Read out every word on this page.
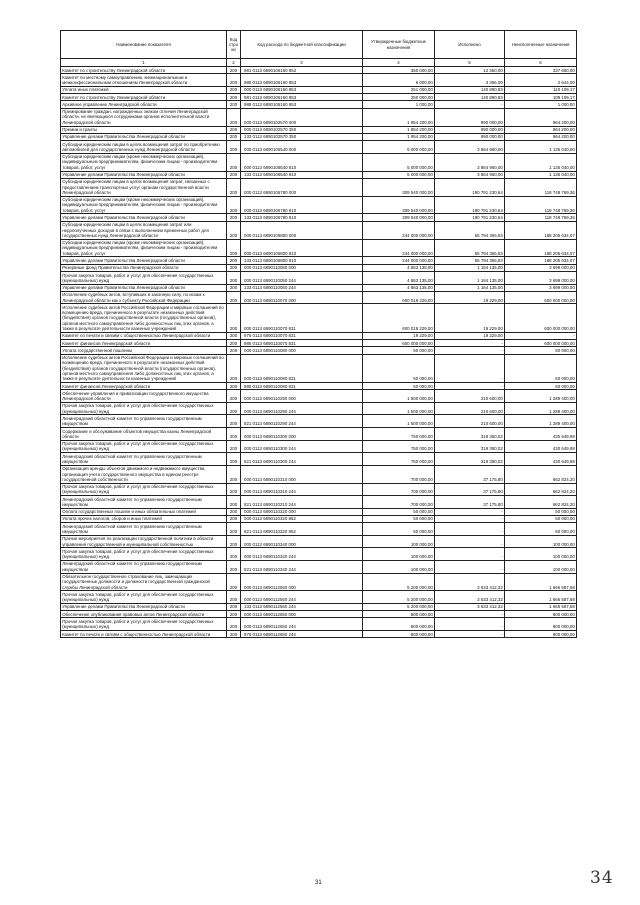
Наименование показателя	Код стро ки	Код расхода по бюджетной классификации	Утвержденные бюджетные назначения	Исполнено	Неисполненные назначения
1	2	3	4	5	6
Комитет по строительству Ленинградской области	200	981 0113 6890106160 852	350 000,00	12 350,00	337 650,00
Комитет по местному самоуправлению, межнациональным и межконфессиональным отношениям Ленинградской области	200	985 0113 6890106160 853	6 000,00	3 356,00	2 644,00
Уплата иных платежей	200	000 0113 6890106160 853	251 000,00	140 890,83	110 109,17
Комитет по строительству Ленинградской области	200	981 0113 6890106160 853	250 000,00	140 890,83	109 109,17
Архивное управление Ленинградской области	200	988 0113 6890106160 853	1 000,00	-	1 000,00
Премирование граждан, награжденных знаком отличия Ленинградской области, не являющихся сотрудниками органов исполнительной власти Ленинградской области	200	000 0113 6890102570 000	1 954 200,00	990 000,00	964 200,00
Премии и гранты	200	000 0113 6890102570 350	1 954 200,00	990 000,00	964 200,00
Управление делами Правительства Ленинградской области	200	133 0113 6890102570 350	1 954 200,00	990 000,00	964 200,00
Субсидии юридическим лицам в целях возмещения затрат по приобретению автомобилей для государственных нужд Ленинградской области	200	000 0113 6890106540 000	5 000 000,00	3 864 960,00	1 135 040,00
Субсидии юридическим лицам (кроме некоммерческих организаций), индивидуальным предпринимателям, физическим лицам - производителям товаров, работ, услуг	200	000 0113 6890106540 810	5 000 000,00	3 864 960,00	1 135 040,00
Управление делами Правительства Ленинградской области	200	133 0113 6890106540 810	5 000 000,00	3 864 960,00	1 135 040,00
Субсидии юридическим лицам в целях возмещения затрат, связанных с предоставлением транспортных услуг органам государственной власти Ленинградской области	200	000 0113 6890106780 000	309 540 000,00	190 791 230,64	118 748 769,36
Субсидии юридическим лицам (кроме некоммерческих организаций), индивидуальным предпринимателям, физическим лицам - производителям товаров, работ, услуг	200	000 0113 6890106780 810	309 540 000,00	190 791 230,64	118 748 769,36
Управление делами Правительства Ленинградской области	200	133 0113 6890106780 810	309 540 000,00	190 791 230,64	118 748 769,36
Субсидии юридическим лицам в целях возмещения затрат или недополученных доходов в связи с выполнением временных работ для государственных нужд Ленинградской области	200	000 0113 6890106800 000	244 000 000,00	55 794 365,93	188 205 634,07
Субсидии юридическим лицам (кроме некоммерческих организаций), индивидуальным предпринимателям, физическим лицам - производителям товаров, работ, услуг	200	000 0113 6890106800 810	244 000 000,00	55 794 365,93	188 205 634,07
Управление делами Правительства Ленинградской области	200	133 0113 6890106800 810	244 000 000,00	55 794 365,93	188 205 634,07
Резервные фонд Правительства Ленинградской области	200	000 0113 6890110050 000	4 863 135,00	1 164 135,00	3 699 000,00
Прочая закупка товаров, работ и услуг для обеспечения государственных (муниципальных) нужд	200	000 0113 6890110050 244	4 863 135,00	1 164 135,00	3 699 000,00
Управление делами Правительства Ленинградской области	200	133 0113 6890110050 244	4 863 135,00	1 164 135,00	3 699 000,00
Исполнение судебных актов, вступивших в законную силу, по искам к Ленинградской области как к субъекту Российской Федерации	200	000 0113 6890110070 000	600 019 229,00	19 229,00	600 000 000,00
Исполнение судебных актов Российской Федерации и мировых соглашений по возмещению вреда, причиненного в результате незаконных действий (бездействия) органов государственной власти (государственных органов), органов местного самоуправления либо должностных лиц этих органов, а также в результате деятельности казенных учреждений	200	000 0113 6890110070 831	600 019 229,00	19 229,00	600 000 000,00
Комитет по печати и связям с общественностью Ленинградской области	200	976 0113 6890110070 831	19 229,00	19 229,00	-
Комитет финансов Ленинградской области	200	985 0113 6890110070 831	600 000 000,00	-	600 000 000,00
Уплата государственной пошлины	200	000 0113 6890110080 000	50 000,00	-	50 000,00
Исполнение судебных актов Российской Федерации и мировых соглашений по возмещению вреда, причиненного в результате незаконных действий (бездействия) органов государственной власти (государственных органов), органов местного самоуправления либо должностных лиц этих органов, а также в результате деятельности казенных учреждений	200	000 0113 6890110080 831	50 000,00	-	50 000,00
Комитет финансов Ленинградской области	200	985 0113 6890110080 831	50 000,00	-	50 000,00
Обеспечение управления и приватизации государственного имущества Ленинградской области	200	000 0113 6890110290 000	1 500 000,00	210 600,00	1 289 400,00
Прочая закупка товаров, работ и услуг для обеспечения государственных (муниципальных) нужд	200	000 0113 6890110290 244	1 500 000,00	210 600,00	1 289 400,00
Ленинградский областной комитет по управлению государственным имуществом	200	821 0113 6890110290 244	1 500 000,00	210 600,00	1 289 400,00
Содержание и обслуживание объектов имущества казны Ленинградской области	200	000 0113 6890110300 000	750 000,00	319 350,02	430 649,98
Прочая закупка товаров, работ и услуг для обеспечения государственных (муниципальных) нужд	200	000 0113 6890110300 244	750 000,00	319 350,02	430 649,98
Ленинградский областной комитет по управлению государственным имуществом	200	821 0113 6890110300 244	750 000,00	319 350,02	430 649,98
Организация аренды объектов движимого и недвижимого имущества, организация учета государственного имущества в едином реестре государственной собственности	200	000 0113 6890110310 000	700 000,00	37 175,80	662 824,20
Прочая закупка товаров, работ и услуг для обеспечения государственных (муниципальных) нужд	200	000 0113 6890110310 244	700 000,00	37 175,80	662 824,20
Ленинградский областной комитет по управлению государственным имуществом	200	821 0113 6890110310 244	700 000,00	37 175,80	662 824,20
Оплата государственных пошлин и иных обязательных платежей	200	000 0113 6890110320 000	50 000,00	-	50 000,00
Уплата прочих налогов, сборов и иных платежей	200	000 0113 6890110320 852	50 000,00	-	50 000,00
Ленинградский областной комитет по управлению государственным имуществом	200	821 0113 6890110320 852	50 000,00	-	50 000,00
Прочие мероприятия по реализации государственной политики в области управления государственной и муниципальной собственностью	200	000 0113 6890110340 000	100 000,00	-	100 000,00
Прочая закупка товаров, работ и услуг для обеспечения государственных (муниципальных) нужд	200	000 0113 6890110340 244	100 000,00	-	100 000,00
Ленинградский областной комитет по управлению государственным имуществом	200	821 0113 6890110340 244	100 000,00	-	100 000,00
Обязательное государственное страхование лиц, замещающих государственные должности и должности государственной гражданской службы Ленинградской области	200	000 0113 6890112560 000	5 200 000,00	3 533 412,32	1 666 587,68
Прочая закупка товаров, работ и услуг для обеспечения государственных (муниципальных) нужд	200	000 0113 6890112560 244	5 200 000,00	3 533 412,32	1 666 587,68
Управление делами Правительства Ленинградской области	200	133 0113 6890112560 244	5 200 000,00	3 533 412,32	1 666 587,68
Обеспечение опубликования правовых актов Ленинградской области	200	000 0113 6890112650 000	800 000,00	-	800 000,00
Прочая закупка товаров, работ и услуг для обеспечения государственных (муниципальных) нужд	200	000 0113 6890112650 244	800 000,00	-	800 000,00
Комитет по печати и связям с общественностью Ленинградской области	200	976 0113 6890112650 244	800 000,00	-	800 000,00
31	34
